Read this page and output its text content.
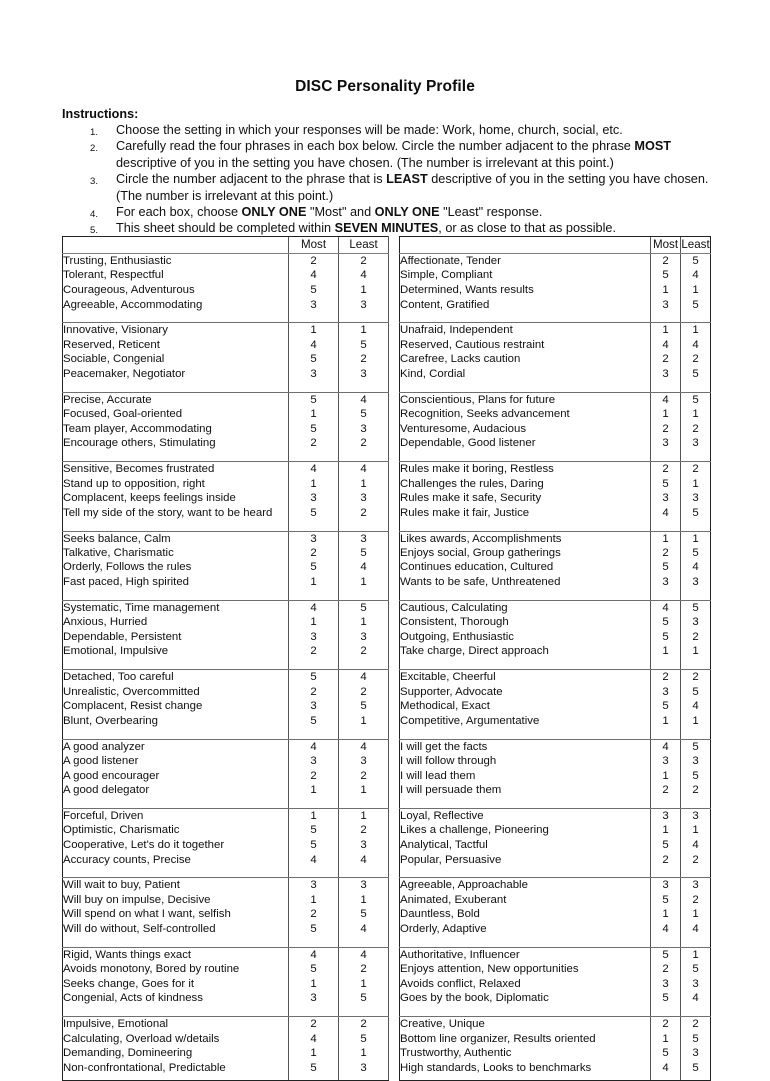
DISC Personality Profile
Instructions:
Choose the setting in which your responses will be made: Work, home, church, social, etc.
Carefully read the four phrases in each box below. Circle the number adjacent to the phrase MOST descriptive of you in the setting you have chosen. (The number is irrelevant at this point.)
Circle the number adjacent to the phrase that is LEAST descriptive of you in the setting you have chosen. (The number is irrelevant at this point.)
For each box, choose ONLY ONE "Most" and ONLY ONE "Least" response.
This sheet should be completed within SEVEN MINUTES, or as close to that as possible.
	Most	Least			Most	Least
Trusting, Enthusiastic	2	2		Affectionate, Tender	2	5
Tolerant, Respectful	4	4		Simple, Compliant	5	4
Courageous, Adventurous	5	1		Determined, Wants results	1	1
Agreeable, Accommodating	3	3		Content, Gratified	3	5

Innovative, Visionary	1	1		Unafraid, Independent	1	1
Reserved, Reticent	4	5		Reserved, Cautious restraint	4	4
Sociable, Congenial	5	2		Carefree, Lacks caution	2	2
Peacemaker, Negotiator	3	3		Kind, Cordial	3	5

Precise, Accurate	5	4		Conscientious, Plans for future	4	5
Focused, Goal-oriented	1	5		Recognition, Seeks advancement	1	1
Team player, Accommodating	5	3		Venturesome, Audacious	2	2
Encourage others, Stimulating	2	2		Dependable, Good listener	3	3

Sensitive, Becomes frustrated	4	4		Rules make it boring, Restless	2	2
Stand up to opposition, right	1	1		Challenges the rules, Daring	5	1
Complacent, keeps feelings inside	3	3		Rules make it safe, Security	3	3
Tell my side of the story, want to be heard	5	2		Rules make it fair, Justice	4	5

Seeks balance, Calm	3	3		Likes awards, Accomplishments	1	1
Talkative, Charismatic	2	5		Enjoys social, Group gatherings	2	5
Orderly, Follows the rules	5	4		Continues education, Cultured	5	4
Fast paced, High spirited	1	1		Wants to be safe, Unthreatened	3	3

Systematic, Time management	4	5		Cautious, Calculating	4	5
Anxious, Hurried	1	1		Consistent, Thorough	5	3
Dependable, Persistent	3	3		Outgoing, Enthusiastic	5	2
Emotional, Impulsive	2	2		Take charge, Direct approach	1	1

Detached, Too careful	5	4		Excitable, Cheerful	2	2
Unrealistic, Overcommitted	2	2		Supporter, Advocate	3	5
Complacent, Resist change	3	5		Methodical, Exact	5	4
Blunt, Overbearing	5	1		Competitive, Argumentative	1	1

A good analyzer	4	4		I will get the facts	4	5
A good listener	3	3		I will follow through	3	3
A good encourager	2	2		I will lead them	1	5
A good delegator	1	1		I will persuade them	2	2

Forceful, Driven	1	1		Loyal, Reflective	3	3
Optimistic, Charismatic	5	2		Likes a challenge, Pioneering	1	1
Cooperative, Let's do it together	5	3		Analytical, Tactful	5	4
Accuracy counts, Precise	4	4		Popular, Persuasive	2	2

Will wait to buy, Patient	3	3		Agreeable, Approachable	3	3
Will buy on impulse, Decisive	1	1		Animated, Exuberant	5	2
Will spend on what I want, selfish	2	5		Dauntless, Bold	1	1
Will do without, Self-controlled	5	4		Orderly, Adaptive	4	4

Rigid, Wants things exact	4	4		Authoritative, Influencer	5	1
Avoids monotony, Bored by routine	5	2		Enjoys attention, New opportunities	2	5
Seeks change, Goes for it	1	1		Avoids conflict, Relaxed	3	3
Congenial, Acts of kindness	3	5		Goes by the book, Diplomatic	5	4

Impulsive, Emotional	2	2		Creative, Unique	2	2
Calculating, Overload w/details	4	5		Bottom line organizer, Results oriented	1	5
Demanding, Domineering	1	1		Trustworthy, Authentic	5	3
Non-confrontational, Predictable	5	3		High standards, Looks to benchmarks	4	5
